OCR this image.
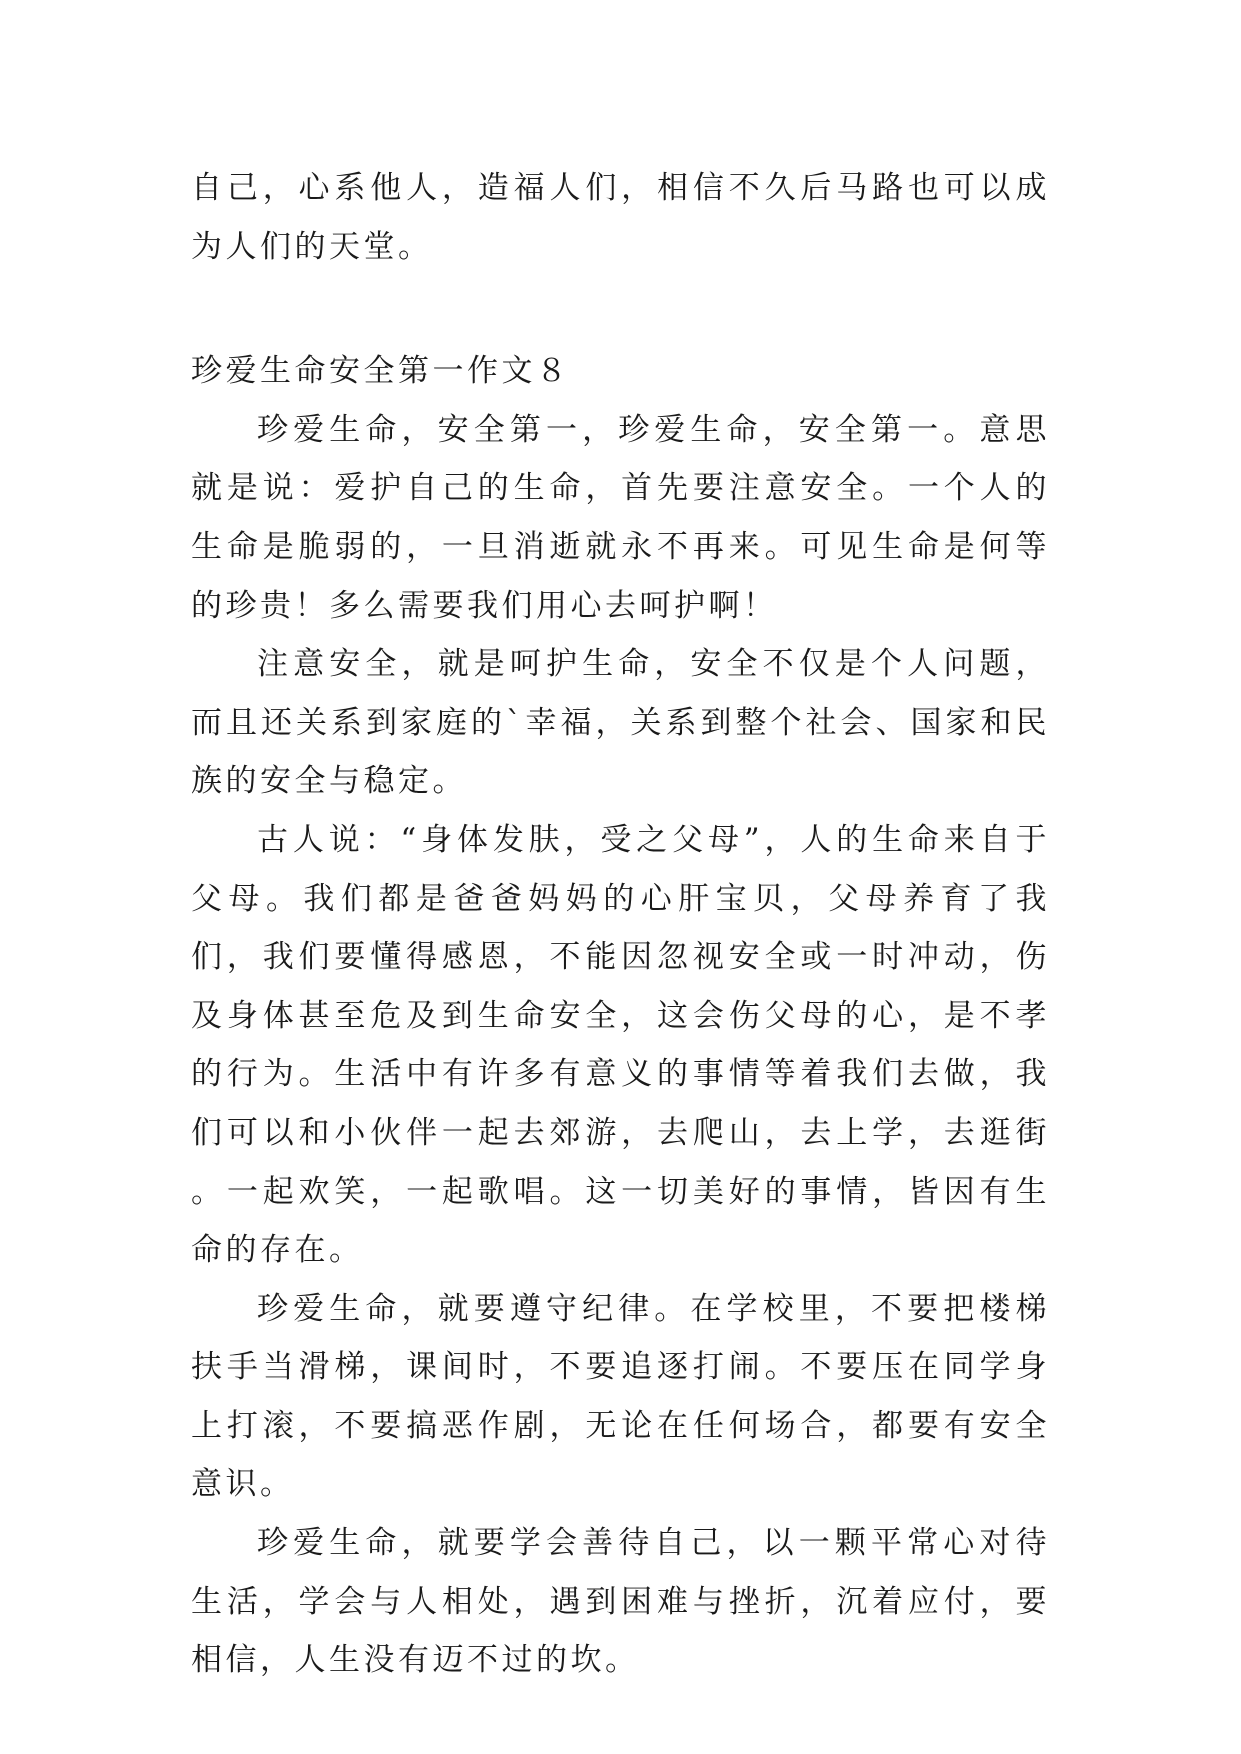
自己，心系他人，造福人们，相信不久后马路也可以成为人们的天堂。

珍爱生命安全第一作文８

珍爱生命，安全第一，珍爱生命，安全第一。意思就是说：爱护自己的生命，首先要注意安全。一个人的生命是脆弱的，一旦消逝就永不再来。可见生命是何等的珍贵！多么需要我们用心去呵护啊！

注意安全，就是呵护生命，安全不仅是个人问题，而且还关系到家庭的`幸福，关系到整个社会、国家和民族的安全与稳定。

古人说：“身体发肤，受之父母”，人的生命来自于父母。我们都是爸爸妈妈的心肝宝贝，父母养育了我们，我们要懂得感恩，不能因忽视安全或一时冲动，伤及身体甚至危及到生命安全，这会伤父母的心，是不孝的行为。生活中有许多有意义的事情等着我们去做，我们可以和小伙伴一起去郊游，去爬山，去上学，去逛街 。一起欢笑，一起歌唱。这一切美好的事情，皆因有生命的存在。

珍爱生命，就要遵守纪律。在学校里，不要把楼梯扶手当滑梯，课间时，不要追逐打闹。不要压在同学身上打滚，不要搞恶作剧，无论在任何场合，都要有安全意识。

珍爱生命，就要学会善待自己，以一颗平常心对待生活，学会与人相处，遇到困难与挫折，沉着应付，要相信，人生没有迈不过的坎。
